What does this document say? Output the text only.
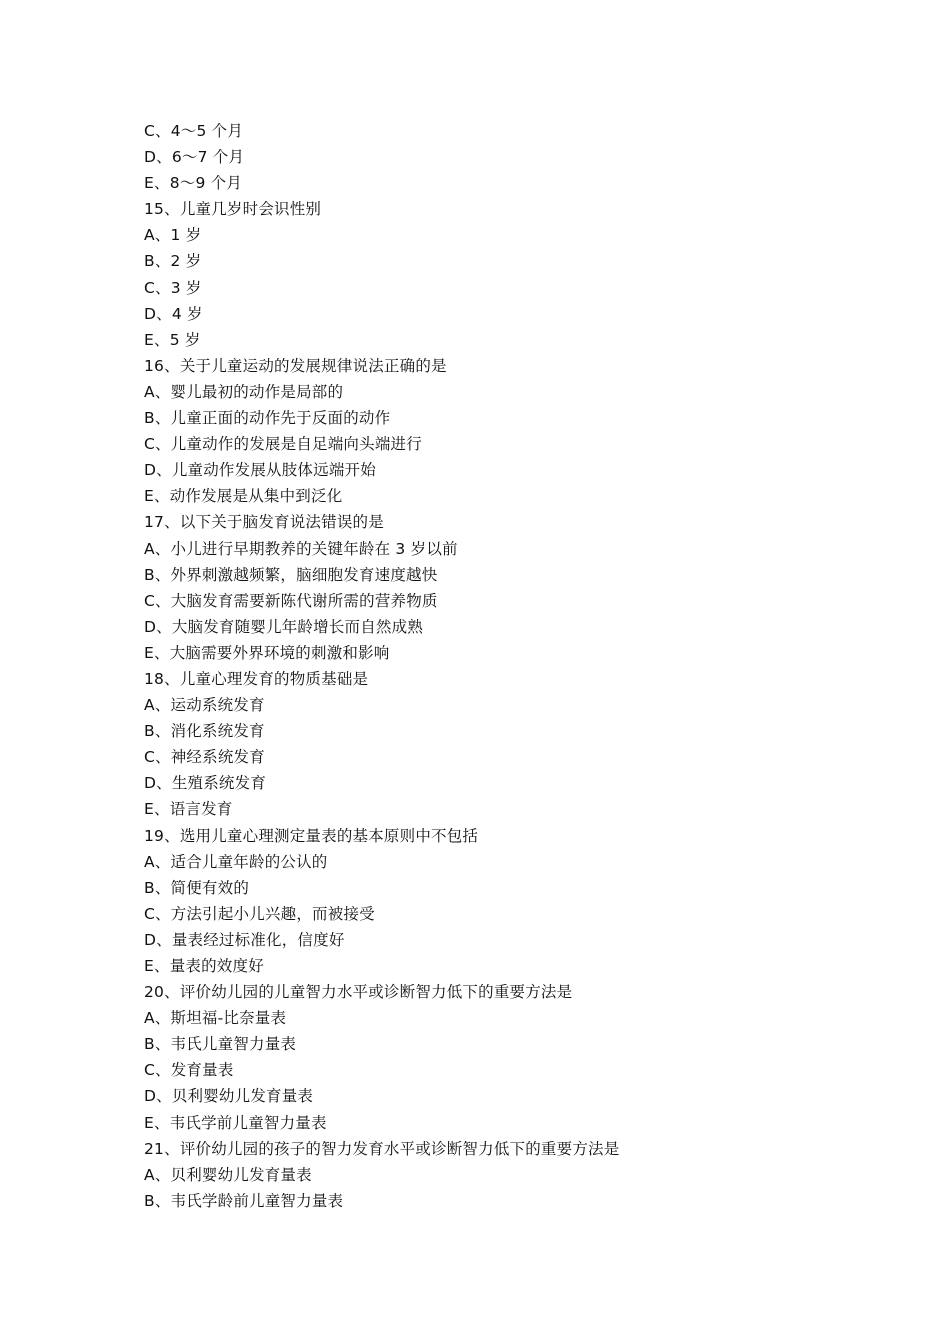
C、4～5 个月
D、6～7 个月
E、8～9 个月
15、儿童几岁时会识性别
A、1 岁
B、2 岁
C、3 岁
D、4 岁
E、5 岁
16、关于儿童运动的发展规律说法正确的是
A、婴儿最初的动作是局部的
B、儿童正面的动作先于反面的动作
C、儿童动作的发展是自足端向头端进行
D、儿童动作发展从肢体远端开始
E、动作发展是从集中到泛化
17、以下关于脑发育说法错误的是
A、小儿进行早期教养的关键年龄在 3 岁以前
B、外界刺激越频繁，脑细胞发育速度越快
C、大脑发育需要新陈代谢所需的营养物质
D、大脑发育随婴儿年龄增长而自然成熟
E、大脑需要外界环境的刺激和影响
18、儿童心理发育的物质基础是
A、运动系统发育
B、消化系统发育
C、神经系统发育
D、生殖系统发育
E、语言发育
19、选用儿童心理测定量表的基本原则中不包括
A、适合儿童年龄的公认的
B、简便有效的
C、方法引起小儿兴趣，而被接受
D、量表经过标准化，信度好
E、量表的效度好
20、评价幼儿园的儿童智力水平或诊断智力低下的重要方法是
A、斯坦福-比奈量表
B、韦氏儿童智力量表
C、发育量表
D、贝利婴幼儿发育量表
E、韦氏学前儿童智力量表
21、评价幼儿园的孩子的智力发育水平或诊断智力低下的重要方法是
A、贝利婴幼儿发育量表
B、韦氏学龄前儿童智力量表
